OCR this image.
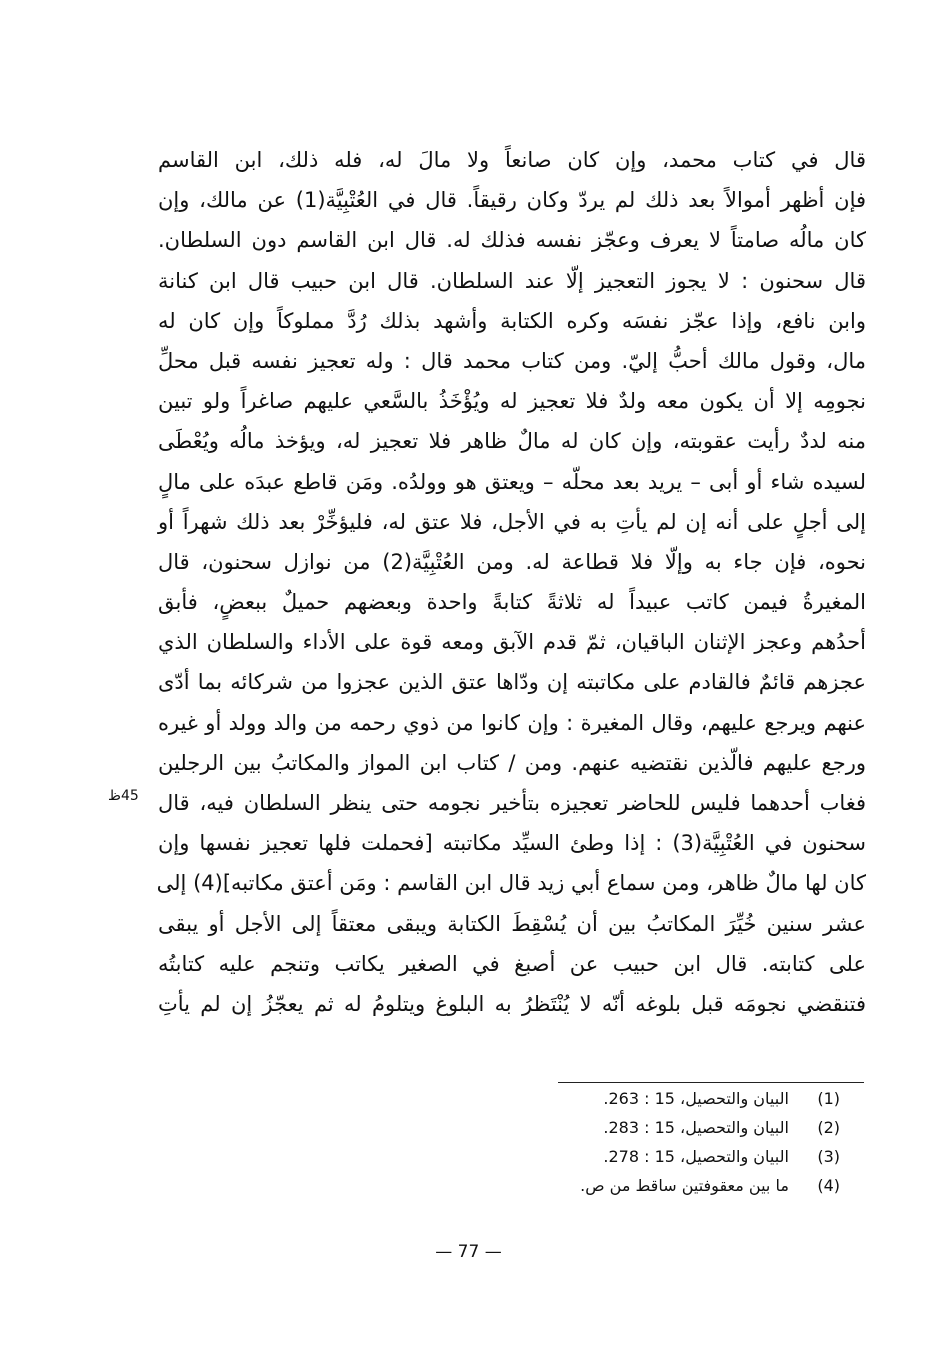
قال في كتاب محمد، وإن كان صانعاً ولا مالَ له، فله ذلك، ابن القاسم
فإن أظهر أموالاً بعد ذلك لم يردّ وكان رقيقاً. قال في العُتْبِيَّة(1) عن مالك، وإن
كان مالُه صامتاً لا يعرف وعجّز نفسه فذلك له. قال ابن القاسم دون السلطان.
قال سحنون : لا يجوز التعجيز إلّا عند السلطان. قال ابن حبيب قال ابن كنانة
وابن نافع، وإذا عجّز نفسَه وكره الكتابة وأشهد بذلك رُدَّ مملوكاً وإن كان له
مال، وقول مالك أحبُّ إليّ. ومن كتاب محمد قال : وله تعجيز نفسه قبل محلِّ
نجومِه إلا أن يكون معه ولدٌ فلا تعجيز له ويُؤْخَذُ بالسَّعي عليهم صاغراً ولو تبين
منه لددٌ رأيت عقوبته، وإن كان له مالٌ ظاهر فلا تعجيز له، ويؤخذ مالُه ويُعْطَى
لسيده شاء أو أبى – يريد بعد محلّه – ويعتق هو وولدُه. ومَن قاطع عبدَه على مالٍ
إلى أجلٍ على أنه إن لم يأتِ به في الأجل، فلا عتق له، فليؤخِّرْ بعد ذلك شهراً أو
نحوه، فإن جاء به وإلّا فلا قطاعة له. ومن العُتْبِيَّة(2) من نوازل سحنون، قال
المغيرةُ فيمن كاتب عبيداً له ثلاثةً كتابةً واحدة وبعضهم حميلٌ ببعضٍ، فأبق
أحدُهم وعجز الإثنان الباقيان، ثمّ قدم الآبق ومعه قوة على الأداء والسلطان الذي
عجزهم قائمٌ فالقادم على مكاتبته إن ودّاها عتق الذين عجزوا من شركائه بما أدّى
عنهم ويرجع عليهم، وقال المغيرة : وإن كانوا من ذوي رحمه من والد وولد أو غيره
ورجع عليهم فالّذين نقتضيه عنهم. ومن / كتاب ابن المواز والمكاتبُ بين الرجلين
فغاب أحدهما فليس للحاضر تعجيزه بتأخير نجومه حتى ينظر السلطان فيه، قال
سحنون في العُتْبِيَّة(3) : إذا وطئ السيِّد مكاتبته [فحملت فلها تعجيز نفسها وإن
كان لها مالٌ ظاهر، ومن سماع أبي زيد قال ابن القاسم : ومَن أعتق مكاتبه](4) إلى
عشر سنين خُيِّرَ المكاتبُ بين أن يُسْقِطَ الكتابة ويبقى معتقاً إلى الأجل أو يبقى
على كتابته. قال ابن حبيب عن أصبغ في الصغير يكاتب وتنجم عليه كتابتُه
فتنقضي نجومَه قبل بلوغه أنّه لا يُنْتَظرُ به البلوغ ويتلومُ له ثم يعجّزُ إن لم يأتِ
45ظ
(1) البيان والتحصيل، 15 : 263.
(2) البيان والتحصيل، 15 : 283.
(3) البيان والتحصيل، 15 : 278.
(4) ما بين معقوفتين ساقط من ص.
— 77 —
